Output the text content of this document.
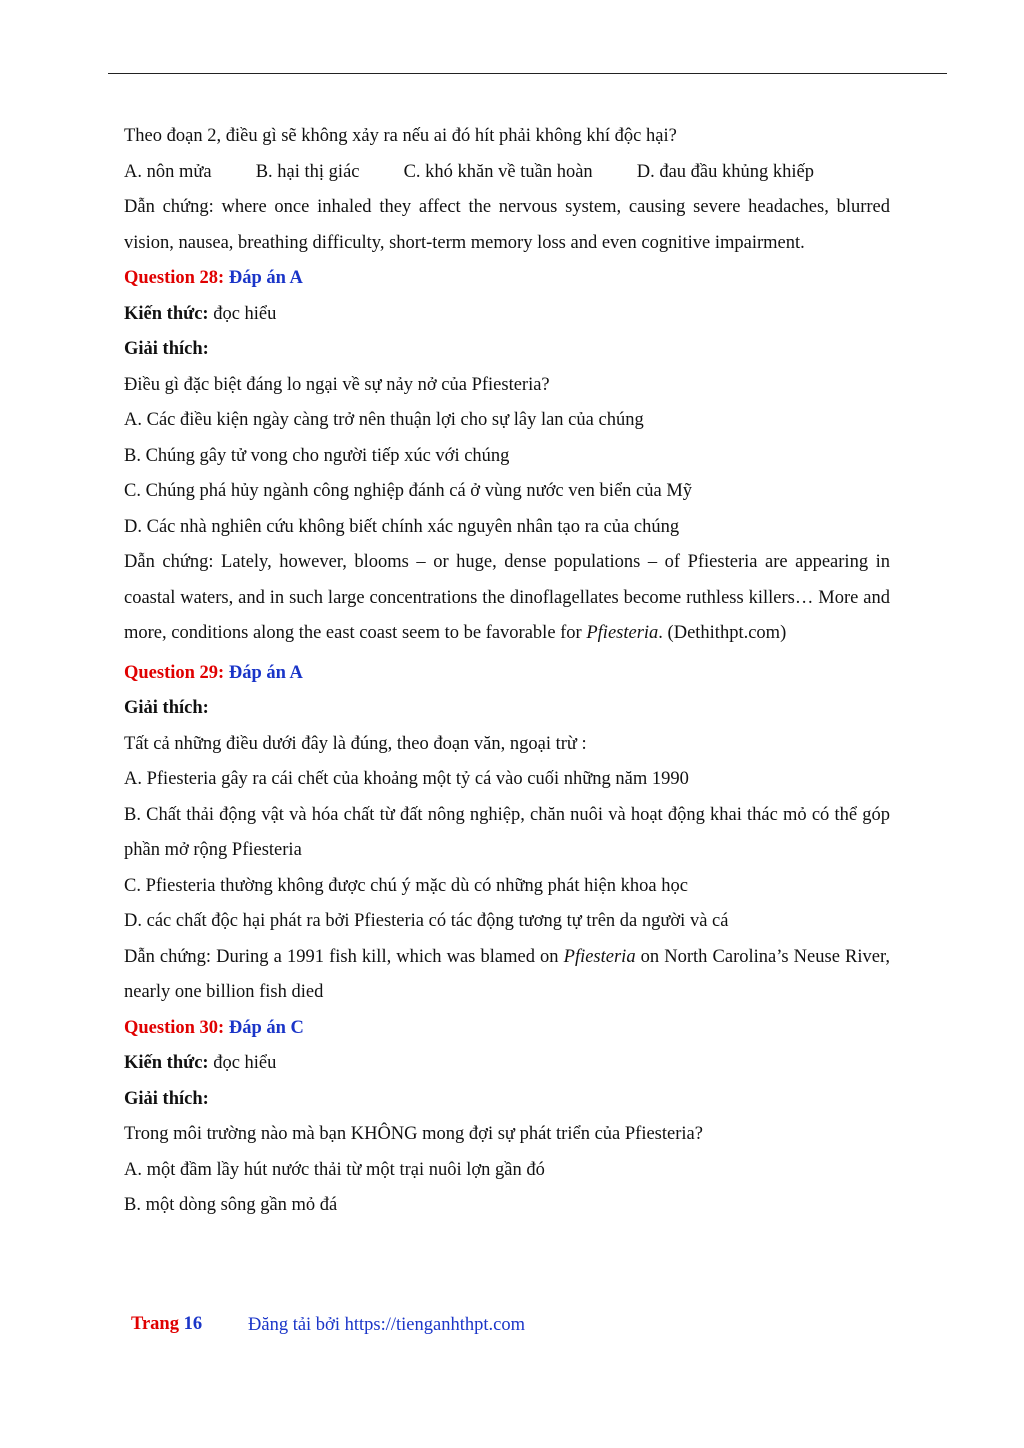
Theo đoạn 2, điều gì sẽ không xảy ra nếu ai đó hít phải không khí độc hại?

A. nôn mửa B. hại thị giác C. khó khăn về tuần hoàn D. đau đầu khủng khiếp

Dẫn chứng: where once inhaled they affect the nervous system, causing severe headaches, blurred vision, nausea, breathing difficulty, short-term memory loss and even cognitive impairment.

Question 28: Đáp án A

Kiến thức: đọc hiểu

Giải thích:

Điều gì đặc biệt đáng lo ngại về sự nảy nở của Pfiesteria?

A. Các điều kiện ngày càng trở nên thuận lợi cho sự lây lan của chúng

B. Chúng gây tử vong cho người tiếp xúc với chúng

C. Chúng phá hủy ngành công nghiệp đánh cá ở vùng nước ven biển của Mỹ

D. Các nhà nghiên cứu không biết chính xác nguyên nhân tạo ra của chúng

Dẫn chứng: Lately, however, blooms – or huge, dense populations – of Pfiesteria are appearing in coastal waters, and in such large concentrations the dinoflagellates become ruthless killers… More and more, conditions along the east coast seem to be favorable for Pfiesteria. (Dethithpt.com)

Question 29: Đáp án A

Giải thích:

Tất cả những điều dưới đây là đúng, theo đoạn văn, ngoại trừ :

A. Pfiesteria gây ra cái chết của khoảng một tỷ cá vào cuối những năm 1990

B. Chất thải động vật và hóa chất từ đất nông nghiệp, chăn nuôi và hoạt động khai thác mỏ có thể góp phần mở rộng Pfiesteria

C. Pfiesteria thường không được chú ý mặc dù có những phát hiện khoa học

D. các chất độc hại phát ra bởi Pfiesteria có tác động tương tự trên da người và cá

Dẫn chứng: During a 1991 fish kill, which was blamed on Pfiesteria on North Carolina’s Neuse River, nearly one billion fish died

Question 30: Đáp án C

Kiến thức: đọc hiểu

Giải thích:

Trong môi trường nào mà bạn KHÔNG mong đợi sự phát triển của Pfiesteria?

A. một đầm lầy hút nước thải từ một trại nuôi lợn gần đó

B. một dòng sông gần mỏ đá

Trang 16 Đăng tải bởi https://tienganhthpt.com
